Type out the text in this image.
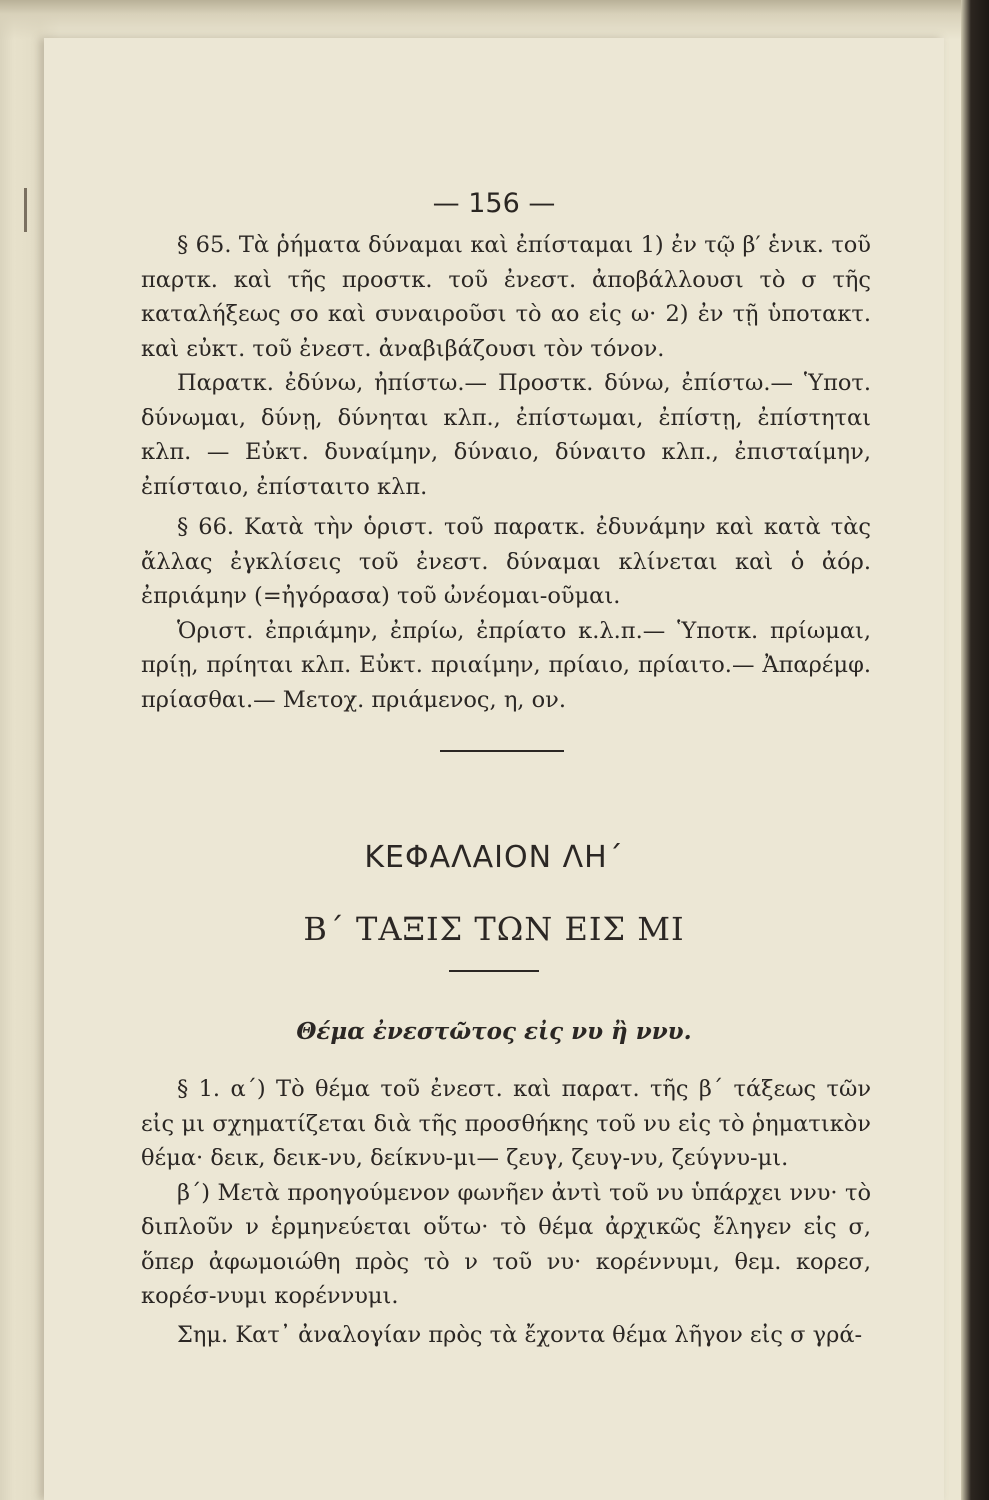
— 156 —

§ 65. Τὰ ῥήματα δύναμαι καὶ ἐπίσταμαι 1) ἐν τῷ β′ ἑνικ. τοῦ παρτκ. καὶ τῆς προστκ. τοῦ ἐνεστ. ἀποβάλλουσι τὸ σ τῆς καταλήξεως σο καὶ συναιροῦσι τὸ αο εἰς ω· 2) ἐν τῇ ὑποτακτ. καὶ εὐκτ. τοῦ ἐνεστ. ἀναβιβάζουσι τὸν τόνον.

Παρατκ. ἐδύνω, ἠπίστω.— Προστκ. δύνω, ἐπίστω.— Ὑποτ. δύνωμαι, δύνῃ, δύνηται κλπ., ἐπίστωμαι, ἐπίστῃ, ἐπίστηται κλπ. — Εὐκτ. δυναίμην, δύναιο, δύναιτο κλπ., ἐπισταίμην, ἐπίσταιο, ἐπίσταιτο κλπ.

§ 66. Κατὰ τὴν ὁριστ. τοῦ παρατκ. ἐδυνάμην καὶ κατὰ τὰς ἄλλας ἐγκλίσεις τοῦ ἐνεστ. δύναμαι κλίνεται καὶ ὁ ἀόρ. ἐπριάμην (=ἠγόρασα) τοῦ ὠνέομαι-οῦμαι.

Ὁριστ. ἐπριάμην, ἐπρίω, ἐπρίατο κ.λ.π.— Ὑποτκ. πρίωμαι, πρίῃ, πρίηται κλπ. Εὐκτ. πριαίμην, πρίαιο, πρίαιτο.— Ἀπαρέμφ. πρίασθαι.— Μετοχ. πριάμενος, η, ον.

ΚΕΦΑΛΑΙΟΝ ΛΗ΄
Β΄ ΤΑΞΙΣ ΤΩΝ ΕΙΣ ΜΙ
Θέμα ἐνεστῶτος εἰς νυ ἢ ννυ.

§ 1. α΄) Τὸ θέμα τοῦ ἐνεστ. καὶ παρατ. τῆς β΄ τάξεως τῶν εἰς μι σχηματίζεται διὰ τῆς προσθήκης τοῦ νυ εἰς τὸ ῥηματικὸν θέμα· δεικ, δεικ-νυ, δείκνυ-μι— ζευγ, ζευγ-νυ, ζεύγνυ-μι.

β΄) Μετὰ προηγούμενον φωνῆεν ἀντὶ τοῦ νυ ὑπάρχει ννυ· τὸ διπλοῦν ν ἑρμηνεύεται οὕτω· τὸ θέμα ἀρχικῶς ἔληγεν εἰς σ, ὅπερ ἀφωμοιώθη πρὸς τὸ ν τοῦ νυ· κορέννυμι, θεμ. κορεσ, κορέσ-νυμι κορέννυμι.

Σημ. Κατ᾽ ἀναλογίαν πρὸς τὰ ἔχοντα θέμα λῆγον εἰς σ γρά-
